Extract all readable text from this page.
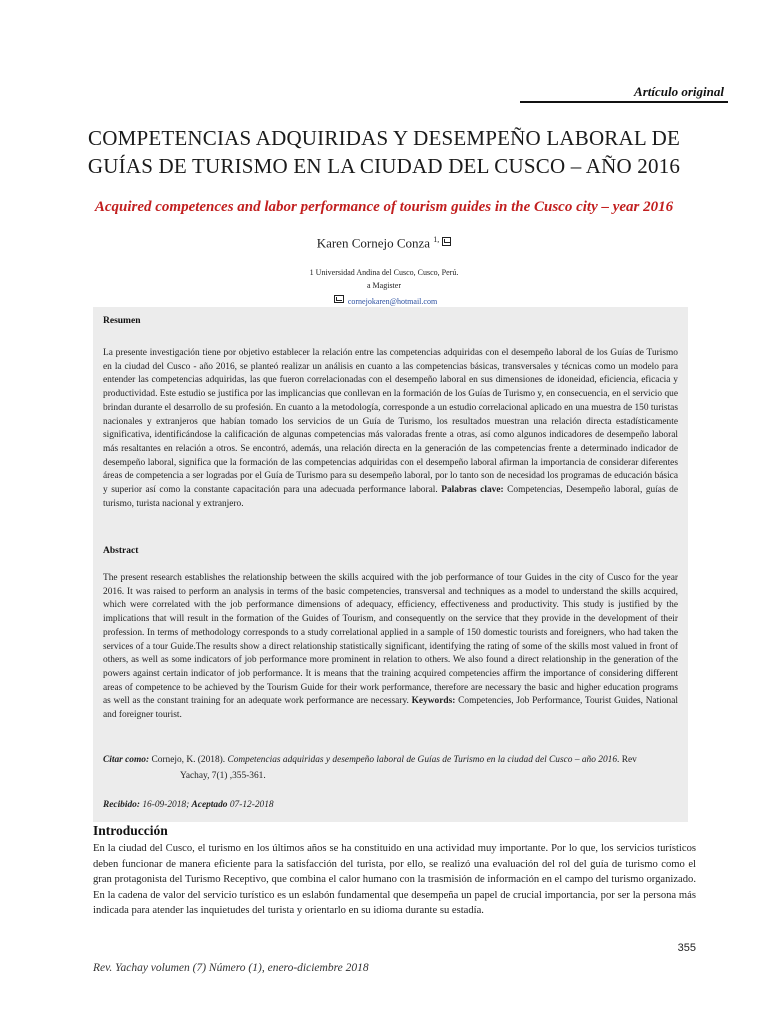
Artículo original
COMPETENCIAS ADQUIRIDAS Y DESEMPEÑO LABORAL DE GUÍAS DE TURISMO EN LA CIUDAD DEL CUSCO – AÑO 2016
Acquired competences and labor performance of tourism guides in the Cusco city – year 2016
Karen Cornejo Conza $^{1,}$
1 Universidad Andina del Cusco, Cusco, Perú.
a Magister
cornejokaren@hotmail.com
Resumen
La presente investigación tiene por objetivo establecer la relación entre las competencias adquiridas con el desempeño laboral de los Guías de Turismo en la ciudad del Cusco - año 2016, se planteó realizar un análisis en cuanto a las competencias básicas, transversales y técnicas como un modelo para entender las competencias adquiridas, las que fueron correlacionadas con el desempeño laboral en sus dimensiones de idoneidad, eficiencia, eficacia y productividad. Este estudio se justifica por las implicancias que conllevan en la formación de los Guías de Turismo y, en consecuencia, en el servicio que brindan durante el desarrollo de su profesión. En cuanto a la metodología, corresponde a un estudio correlacional aplicado en una muestra de 150 turistas nacionales y extranjeros que habían tomado los servicios de un Guía de Turismo, los resultados muestran una relación directa estadísticamente significativa, identificándose la calificación de algunas competencias más valoradas frente a otras, así como algunos indicadores de desempeño laboral más resaltantes en relación a otros. Se encontró, además, una relación directa en la generación de las competencias frente a determinado indicador de desempeño laboral, significa que la formación de las competencias adquiridas con el desempeño laboral afirman la importancia de considerar diferentes áreas de competencia a ser logradas por el Guía de Turismo para su desempeño laboral, por lo tanto son de necesidad los programas de educación básica y superior así como la constante capacitación para una adecuada performance laboral. Palabras clave: Competencias, Desempeño laboral, guías de turismo, turista nacional y extranjero.
Abstract
The present research establishes the relationship between the skills acquired with the job performance of tour Guides in the city of Cusco for the year 2016. It was raised to perform an analysis in terms of the basic competencies, transversal and techniques as a model to understand the skills acquired, which were correlated with the job performance dimensions of adequacy, efficiency, effectiveness and productivity. This study is justified by the implications that will result in the formation of the Guides of Tourism, and consequently on the service that they provide in the development of their profession. In terms of methodology corresponds to a study correlational applied in a sample of 150 domestic tourists and foreigners, who had taken the services of a tour Guide.The results show a direct relationship statistically significant, identifying the rating of some of the skills most valued in front of others, as well as some indicators of job performance more prominent in relation to others. We also found a direct relationship in the generation of the powers against certain indicator of job performance. It is means that the training acquired competencies affirm the importance of considering different areas of competence to be achieved by the Tourism Guide for their work performance, therefore are necessary the basic and higher education programs as well as the constant training for an adequate work performance are necessary. Keywords: Competencies, Job Performance, Tourist Guides, National and foreigner tourist.
Citar como: Cornejo, K. (2018). Competencias adquiridas y desempeño laboral de Guías de Turismo en la ciudad del Cusco – año 2016. Rev
Yachay, 7(1) ,355-361.
Recibido: 16-09-2018; Aceptado 07-12-2018
Introducción
En la ciudad del Cusco, el turismo en los últimos años se ha constituido en una actividad muy importante. Por lo que, los servicios turísticos deben funcionar de manera eficiente para la satisfacción del turista, por ello, se realizó una evaluación del rol del guía de turismo como el gran protagonista del Turismo Receptivo, que combina el calor humano con la trasmisión de información en el campo del turismo organizado. En la cadena de valor del servicio turístico es un eslabón fundamental que desempeña un papel de crucial importancia, por ser la persona más indicada para atender las inquietudes del turista y orientarlo en su idioma durante su estadía.
355
Rev. Yachay volumen (7) Número (1), enero-diciembre 2018
